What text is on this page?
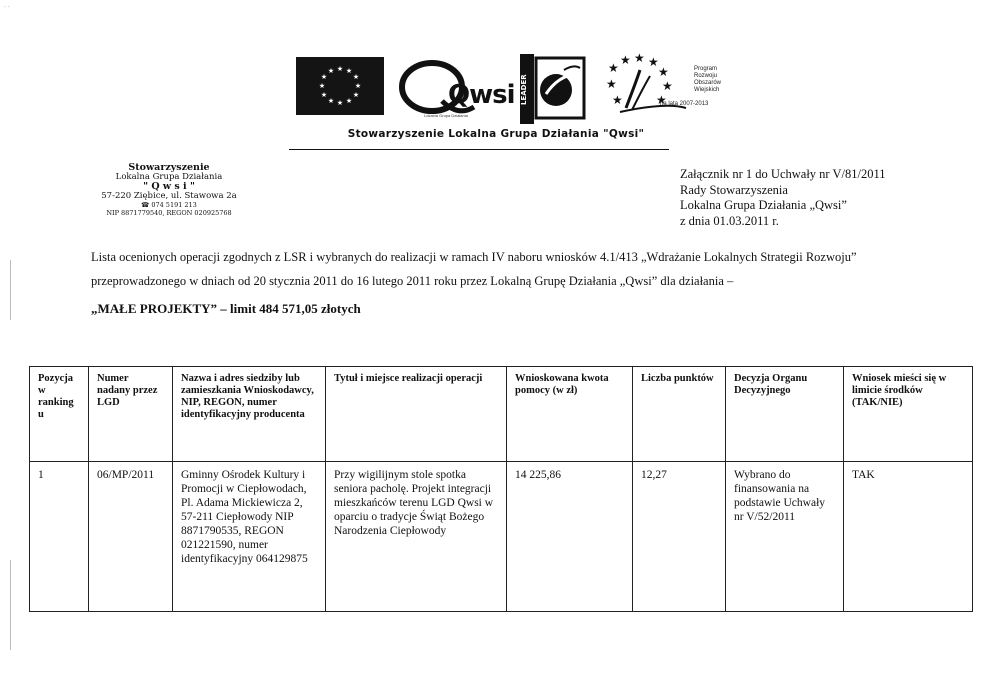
· ·
★ ★
★
★
★
★
★
★
★
★
★
★
Qwsi
Lokalna Grupa Działania
LEADER
★
★ ★ ★
★
★	★
★	★
Program
Rozwoju
Obszarów
Wiejskich
na lata 2007-2013
Stowarzyszenie Lokalna Grupa Działania "Qwsi"
Stowarzyszenie
Lokalna Grupa Działania
" Q w s i "
57-220 Ziębice, ul. Stawowa 2a
☎ 074 5191 213
NIP 8871779540, REGON 020925768
Załącznik nr 1 do Uchwały nr V/81/2011
Rady Stowarzyszenia
Lokalna Grupa Działania „Qwsi”
z dnia 01.03.2011 r.
Lista ocenionych operacji zgodnych z LSR i wybranych do realizacji w ramach IV naboru wniosków 4.1/413 „Wdrażanie Lokalnych Strategii Rozwoju” przeprowadzonego w dniach od 20 stycznia 2011 do 16 lutego 2011 roku przez Lokalną Grupę Działania „Qwsi” dla działania –
„MAŁE PROJEKTY” – limit 484 571,05 złotych
Pozycja w ranking u	Numer nadany przez LGD	Nazwa i adres siedziby lub zamieszkania Wnioskodawcy, NIP, REGON, numer identyfikacyjny producenta	Tytuł i miejsce realizacji operacji	Wnioskowana kwota pomocy (w zł)	Liczba punktów	Decyzja Organu Decyzyjnego	Wniosek mieści się w limicie środków (TAK/NIE)
1	06/MP/2011	Gminny Ośrodek Kultury i Promocji w Ciepłowodach, Pl. Adama Mickiewicza 2, 57-211 Ciepłowody NIP 8871790535, REGON 021221590, numer identyfikacyjny 064129875	Przy wigilijnym stole spotka seniora pacholę. Projekt integracji mieszkańców terenu LGD Qwsi w oparciu o tradycje Świąt Bożego Narodzenia Ciepłowody	14 225,86	12,27	Wybrano do finansowania na podstawie Uchwały nr V/52/2011	TAK
